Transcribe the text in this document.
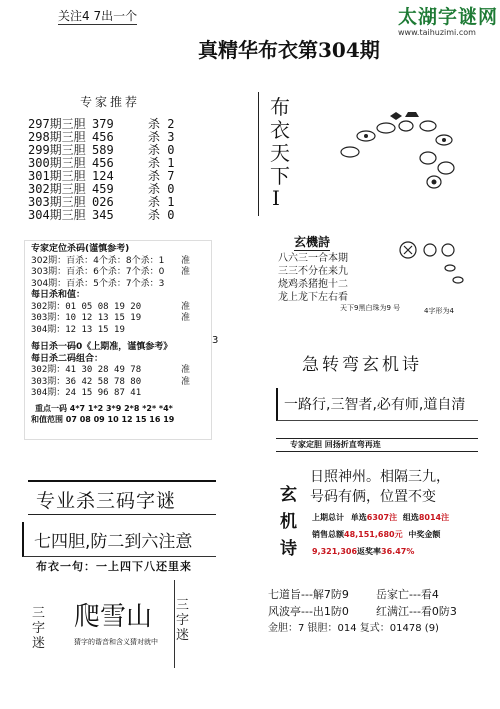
太湖字谜网
www.taihuzimi.com
关注4 7出一个
真精华布衣第304期
3
专家推荐
297期三胆 379	杀 2
298期三胆 456	杀 3
299期三胆 589	杀 0
300期三胆 456	杀 1
301期三胆 124	杀 7
302期三胆 459	杀 0
303期三胆 026	杀 1
304期三胆 345	杀 0
专家定位杀码(谨慎参考)
302期：百杀：4个杀：8个杀：1 准
303期：百杀：6个杀：7个杀：0 准
304期：百杀：5个杀：7个杀：3
每日杀和值：
302期：01 05 08 19 20	准
303期：10 12 13 15 19	准
304期：12 13 15 19
每日杀一码0《上期准，谨慎参考》
每日杀二码组合：
302期：41 30 28 49 78	准
303期：36 42 58 78 80	准
304期：24 15 96 87 41
重点一码 4*7 1*2 3*9 2*8 *2* *4*
和值范围 07 08 09 10 12 15 16 19
专业杀三码字谜
七四胆,防二到六注意
布衣一句：一上四下八还里来
三字迷
爬雪山
猜字的谐音和含义猜对就中
三字迷
布衣天下
I
玄機詩
八六三一合本期
三三不分在来九
烧鸡杀猪抱十二
龙上龙下左右看
天下9黑白珠为9 号	4字形为4
急转弯玄机诗
一路行,三智者,必有师,道自清
专家定胆 回扬折直弯再连
玄机诗
日照神州。相隔三九，
号码有俩，位置不变
上期总计 单选6307注 组选8014注
销售总额48,151,680元 中奖金额
9,321,306返奖率36.47%
七道旨---解7防9 岳家亡---看4
风波亭---出1防0 红满江---看0防3
金胆：7 银胆：014 复式：01478 (9)
